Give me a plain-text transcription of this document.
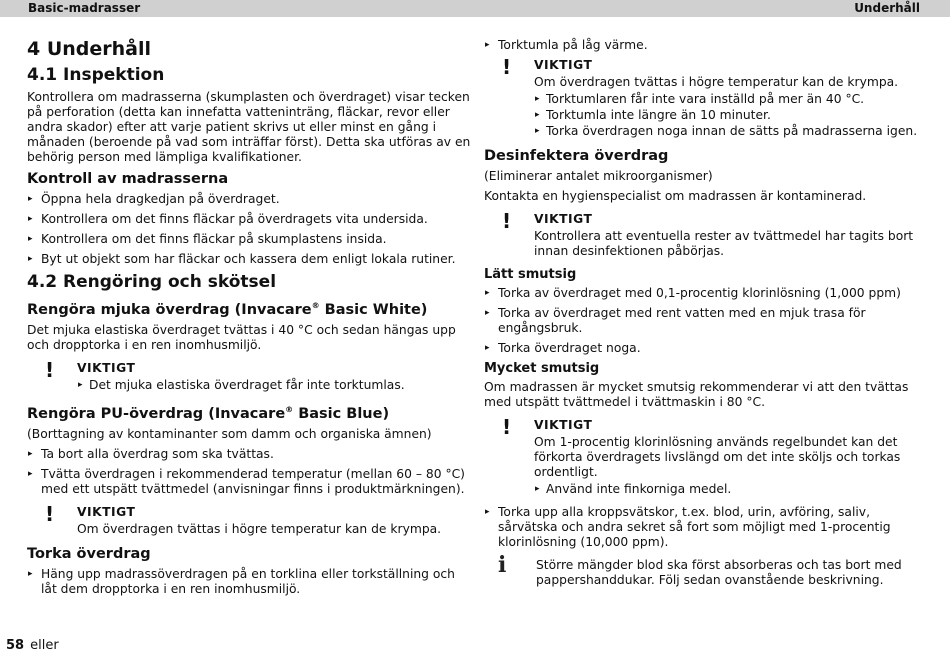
Basic-madrasser	Underhåll
4 Underhåll
4.1 Inspektion

Kontrollera om madrasserna (skumplasten och överdraget) visar tecken på perforation (detta kan innefatta vatteninträng, fläckar, revor eller andra skador) efter att varje patient skrivs ut eller minst en gång i månaden (beroende på vad som inträffar först). Detta ska utföras av en behörig person med lämpliga kvalifikationer.

Kontroll av madrasserna
▸ Öppna hela dragkedjan på överdraget.
▸ Kontrollera om det finns fläckar på överdragets vita undersida.
▸ Kontrollera om det finns fläckar på skumplastens insida.
▸ Byt ut objekt som har fläckar och kassera dem enligt lokala rutiner.
4.2 Rengöring och skötsel
Rengöra mjuka överdrag (Invacare® Basic White)

Det mjuka elastiska överdraget tvättas i 40 °C och sedan hängas upp och dropptorka i en ren inomhusmiljö.

! VIKTIGT
▸ Det mjuka elastiska överdraget får inte torktumlas.
Rengöra PU-överdrag (Invacare® Basic Blue)

(Borttagning av kontaminanter som damm och organiska ämnen)

▸ Ta bort alla överdrag som ska tvättas.
▸ Tvätta överdragen i rekommenderad temperatur (mellan 60 – 80 °C) med ett utspätt tvättmedel (anvisningar finns i produktmärkningen).
! VIKTIGT
Om överdragen tvättas i högre temperatur kan de krympa.
Torka överdrag
▸ Häng upp madrassöverdragen på en torklina eller torkställning och låt dem dropptorka i en ren inomhusmiljö.
▸ Torktumla på låg värme.
! VIKTIGT
Om överdragen tvättas i högre temperatur kan de krympa.
▸ Torktumlaren får inte vara inställd på mer än 40 °C.
▸ Torktumla inte längre än 10 minuter.
▸ Torka överdragen noga innan de sätts på madrasserna igen.
Desinfektera överdrag

(Eliminerar antalet mikroorganismer)

Kontakta en hygienspecialist om madrassen är kontaminerad.

! VIKTIGT
Kontrollera att eventuella rester av tvättmedel har tagits bort innan desinfektionen påbörjas.
Lätt smutsig
▸ Torka av överdraget med 0,1-procentig klorinlösning (1,000 ppm)
▸ Torka av överdraget med rent vatten med en mjuk trasa för engångsbruk.
▸ Torka överdraget noga.
Mycket smutsig

Om madrassen är mycket smutsig rekommenderar vi att den tvättas med utspätt tvättmedel i tvättmaskin i 80 °C.

! VIKTIGT
Om 1-procentig klorinlösning används regelbundet kan det förkorta överdragets livslängd om det inte sköljs och torkas ordentligt.
▸ Använd inte finkorniga medel.
▸ Torka upp alla kroppsvätskor, t.ex. blod, urin, avföring, saliv, sårvätska och andra sekret så fort som möjligt med 1-procentig klorinlösning (10,000 ppm).
i Större mängder blod ska först absorberas och tas bort med pappershanddukar. Följ sedan ovanstående beskrivning.
58 eller
